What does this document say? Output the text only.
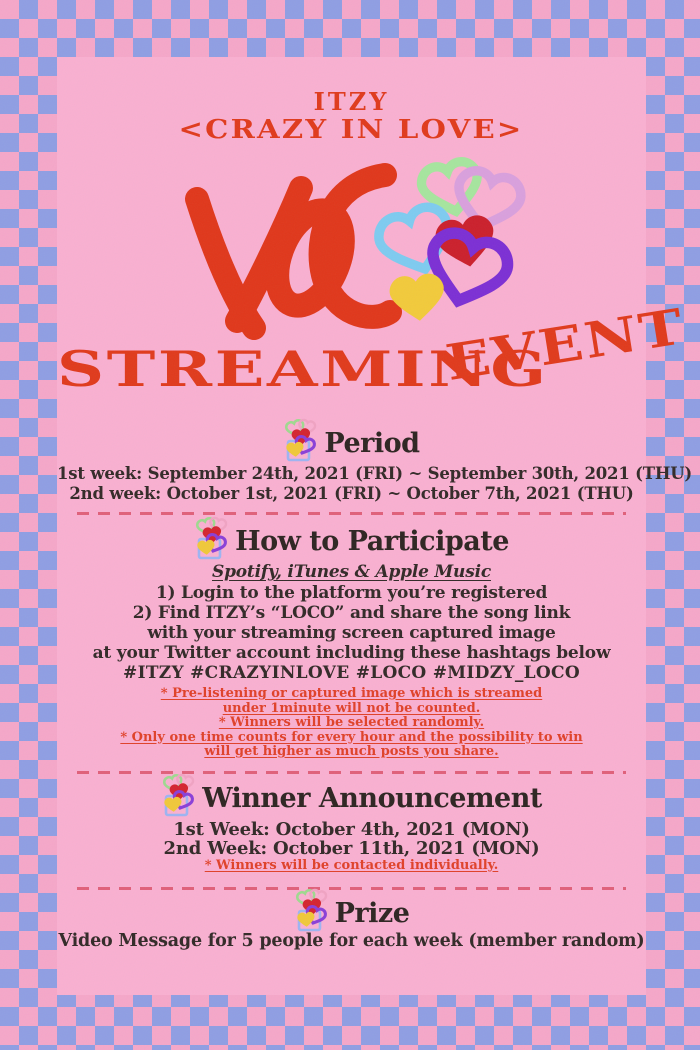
ITZY
<CRAZY IN LOVE>
STREAMING
EVENT
Period
1st week: September 24th, 2021 (FRI) ~ September 30th, 2021 (THU)
2nd week: October 1st, 2021 (FRI) ~ October 7th, 2021 (THU)
How to Participate
Spotify, iTunes & Apple Music
1) Login to the platform you’re registered
2) Find ITZY’s “LOCO” and share the song link
with your streaming screen captured image
at your Twitter account including these hashtags below
#ITZY #CRAZYINLOVE #LOCO #MIDZY_LOCO
* Pre-listening or captured image which is streamed
under 1minute will not be counted.
* Winners will be selected randomly.
* Only one time counts for every hour and the possibility to win
will get higher as much posts you share.
Winner Announcement
1st Week: October 4th, 2021 (MON)
2nd Week: October 11th, 2021 (MON)
* Winners will be contacted individually.
Prize
Video Message for 5 people for each week (member random)
